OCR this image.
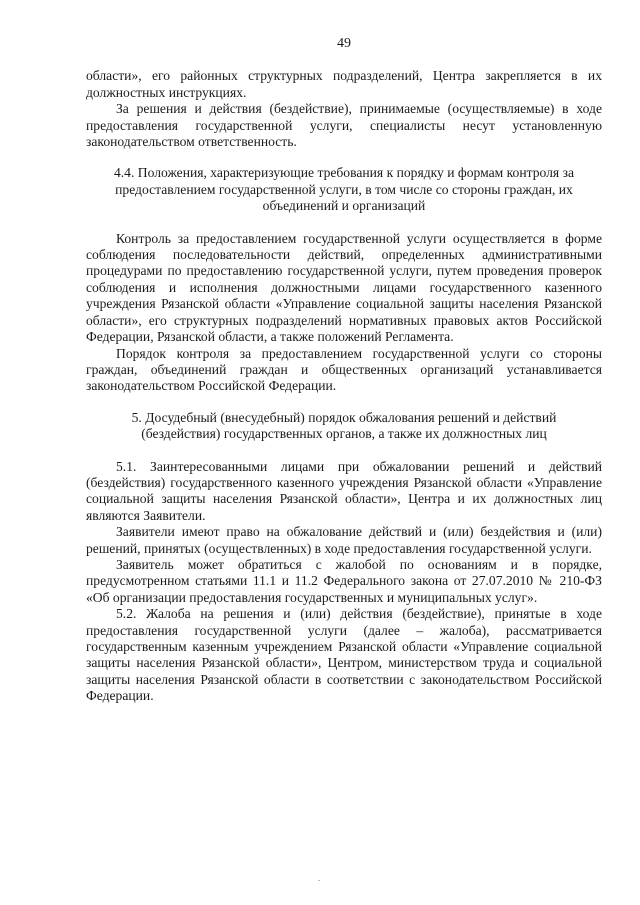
49

области», его районных структурных подразделений, Центра закрепляется в их должностных инструкциях.

За решения и действия (бездействие), принимаемые (осуществляемые) в ходе предоставления государственной услуги, специалисты несут установленную законодательством ответственность.

4.4. Положения, характеризующие требования к порядку и формам контроля за предоставлением государственной услуги, в том числе со стороны граждан, их объединений и организаций

Контроль за предоставлением государственной услуги осуществляется в форме соблюдения последовательности действий, определенных административными процедурами по предоставлению государственной услуги, путем проведения проверок соблюдения и исполнения должностными лицами государственного казенного учреждения Рязанской области «Управление социальной защиты населения Рязанской области», его структурных подразделений нормативных правовых актов Российской Федерации, Рязанской области, а также положений Регламента.

Порядок контроля за предоставлением государственной услуги со стороны граждан, объединений граждан и общественных организаций устанавливается законодательством Российской Федерации.

5. Досудебный (внесудебный) порядок обжалования решений и действий (бездействия) государственных органов, а также их должностных лиц

5.1. Заинтересованными лицами при обжаловании решений и действий (бездействия) государственного казенного учреждения Рязанской области «Управление социальной защиты населения Рязанской области», Центра и их должностных лиц являются Заявители.

Заявители имеют право на обжалование действий и (или) бездействия и (или) решений, принятых (осуществленных) в ходе предоставления государственной услуги.

Заявитель может обратиться с жалобой по основаниям и в порядке, предусмотренном статьями 11.1 и 11.2 Федерального закона от 27.07.2010 № 210-ФЗ «Об организации предоставления государственных и муниципальных услуг».

5.2. Жалоба на решения и (или) действия (бездействие), принятые в ходе предоставления государственной услуги (далее – жалоба), рассматривается государственным казенным учреждением Рязанской области «Управление социальной защиты населения Рязанской области», Центром, министерством труда и социальной защиты населения Рязанской области в соответствии с законодательством Российской Федерации.
